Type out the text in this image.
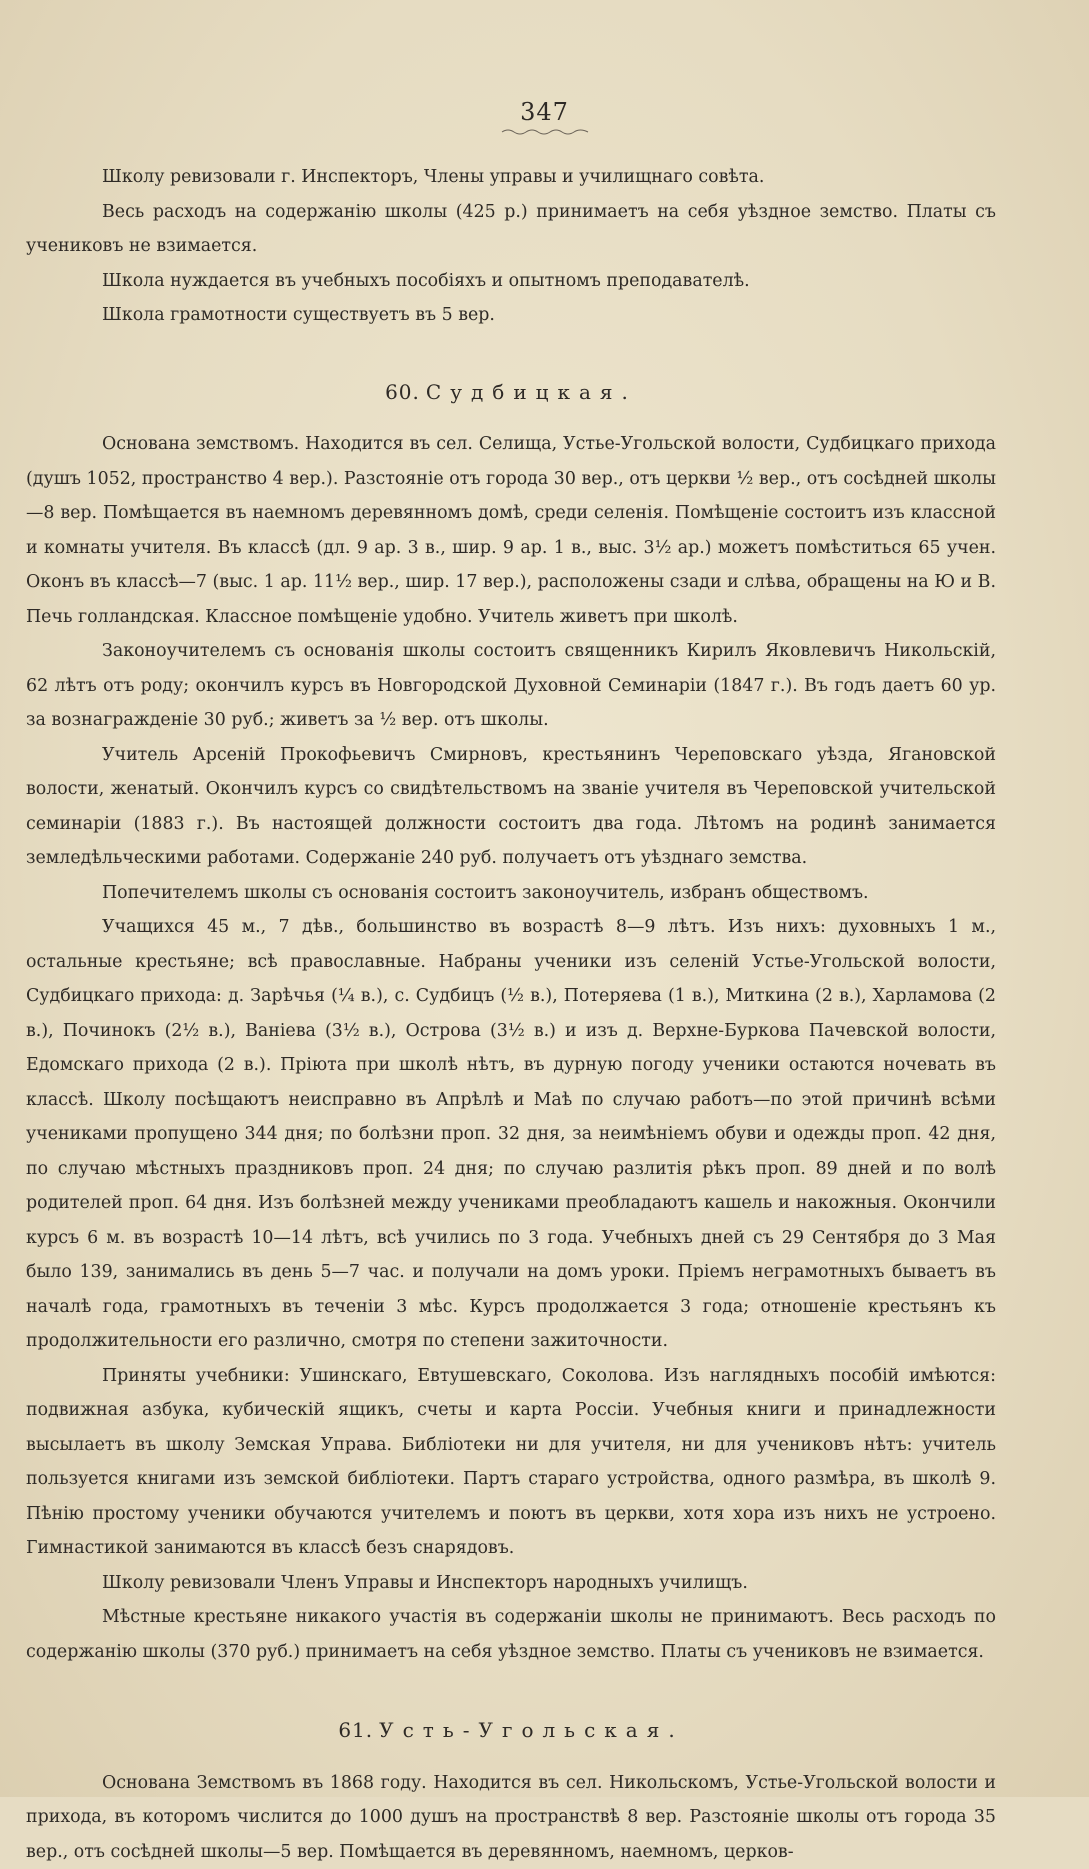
347

Школу ревизовали г. Инспекторъ, Члены управы и училищнаго совѣта.

Весь расходъ на содержанію школы (425 р.) принимаетъ на себя уѣздное земство. Платы съ учениковъ не взимается.

Школа нуждается въ учебныхъ пособіяхъ и опытномъ преподавателѣ.

Школа грамотности существуетъ въ 5 вер.

60. Судбицкая.

Основана земствомъ. Находится въ сел. Селища, Устье-Угольской волости, Судбицкаго прихода (душъ 1052, пространство 4 вер.). Разстояніе отъ города 30 вер., отъ церкви ½ вер., отъ сосѣдней школы—8 вер. Помѣщается въ наемномъ деревянномъ домѣ, среди селенія. Помѣщеніе состоитъ изъ классной и комнаты учителя. Въ классѣ (дл. 9 ар. 3 в., шир. 9 ар. 1 в., выс. 3½ ар.) можетъ помѣститься 65 учен. Оконъ въ классѣ—7 (выс. 1 ар. 11½ вер., шир. 17 вер.), расположены сзади и слѣва, обращены на Ю и В. Печь голландская. Классное помѣщеніе удобно. Учитель живетъ при школѣ.

Законоучителемъ съ основанія школы состоитъ священникъ Кирилъ Яковлевичъ Никольскій, 62 лѣтъ отъ роду; окончилъ курсъ въ Новгородской Духовной Семинаріи (1847 г.). Въ годъ даетъ 60 ур. за вознагражденіе 30 руб.; живетъ за ½ вер. отъ школы.

Учитель Арсеній Прокофьевичъ Смирновъ, крестьянинъ Череповскаго уѣзда, Ягановской волости, женатый. Окончилъ курсъ со свидѣтельствомъ на званіе учителя въ Череповской учительской семинаріи (1883 г.). Въ настоящей должности состоитъ два года. Лѣтомъ на родинѣ занимается земледѣльческими работами. Содержаніе 240 руб. получаетъ отъ уѣзднаго земства.

Попечителемъ школы съ основанія состоитъ законоучитель, избранъ обществомъ.

Учащихся 45 м., 7 дѣв., большинство въ возрастѣ 8—9 лѣтъ. Изъ нихъ: духовныхъ 1 м., остальные крестьяне; всѣ православные. Набраны ученики изъ селеній Устье-Угольской волости, Судбицкаго прихода: д. Зарѣчья (¼ в.), с. Судбицъ (½ в.), Потеряева (1 в.), Миткина (2 в.), Харламова (2 в.), Починокъ (2½ в.), Ваніева (3½ в.), Острова (3½ в.) и изъ д. Верхне-Буркова Пачевской волости, Едомскаго прихода (2 в.). Пріюта при школѣ нѣтъ, въ дурную погоду ученики остаются ночевать въ классѣ. Школу посѣщаютъ неисправно въ Апрѣлѣ и Маѣ по случаю работъ—по этой причинѣ всѣми учениками пропущено 344 дня; по болѣзни проп. 32 дня, за неимѣніемъ обуви и одежды проп. 42 дня, по случаю мѣстныхъ праздниковъ проп. 24 дня; по случаю разлитія рѣкъ проп. 89 дней и по волѣ родителей проп. 64 дня. Изъ болѣзней между учениками преобладаютъ кашель и накожныя. Окончили курсъ 6 м. въ возрастѣ 10—14 лѣтъ, всѣ учились по 3 года. Учебныхъ дней съ 29 Сентября до 3 Мая было 139, занимались въ день 5—7 час. и получали на домъ уроки. Пріемъ неграмотныхъ бываетъ въ началѣ года, грамотныхъ въ теченіи 3 мѣс. Курсъ продолжается 3 года; отношеніе крестьянъ къ продолжительности его различно, смотря по степени зажиточности.

Приняты учебники: Ушинскаго, Евтушевскаго, Соколова. Изъ наглядныхъ пособій имѣются: подвижная азбука, кубическій ящикъ, счеты и карта Россіи. Учебныя книги и принадлежности высылаетъ въ школу Земская Управа. Библіотеки ни для учителя, ни для учениковъ нѣтъ: учитель пользуется книгами изъ земской библіотеки. Партъ стараго устройства, одного размѣра, въ школѣ 9. Пѣнію простому ученики обучаются учителемъ и поютъ въ церкви, хотя хора изъ нихъ не устроено. Гимнастикой занимаются въ классѣ безъ снарядовъ.

Школу ревизовали Членъ Управы и Инспекторъ народныхъ училищъ.

Мѣстные крестьяне никакого участія въ содержаніи школы не принимаютъ. Весь расходъ по содержанію школы (370 руб.) принимаетъ на себя уѣздное земство. Платы съ учениковъ не взимается.

61. Усть-Угольская.

Основана Земствомъ въ 1868 году. Находится въ сел. Никольскомъ, Устье-Угольской волости и прихода, въ которомъ числится до 1000 душъ на пространствѣ 8 вер. Разстояніе школы отъ города 35 вер., отъ сосѣдней школы—5 вер. Помѣщается въ деревянномъ, наемномъ, церков-
